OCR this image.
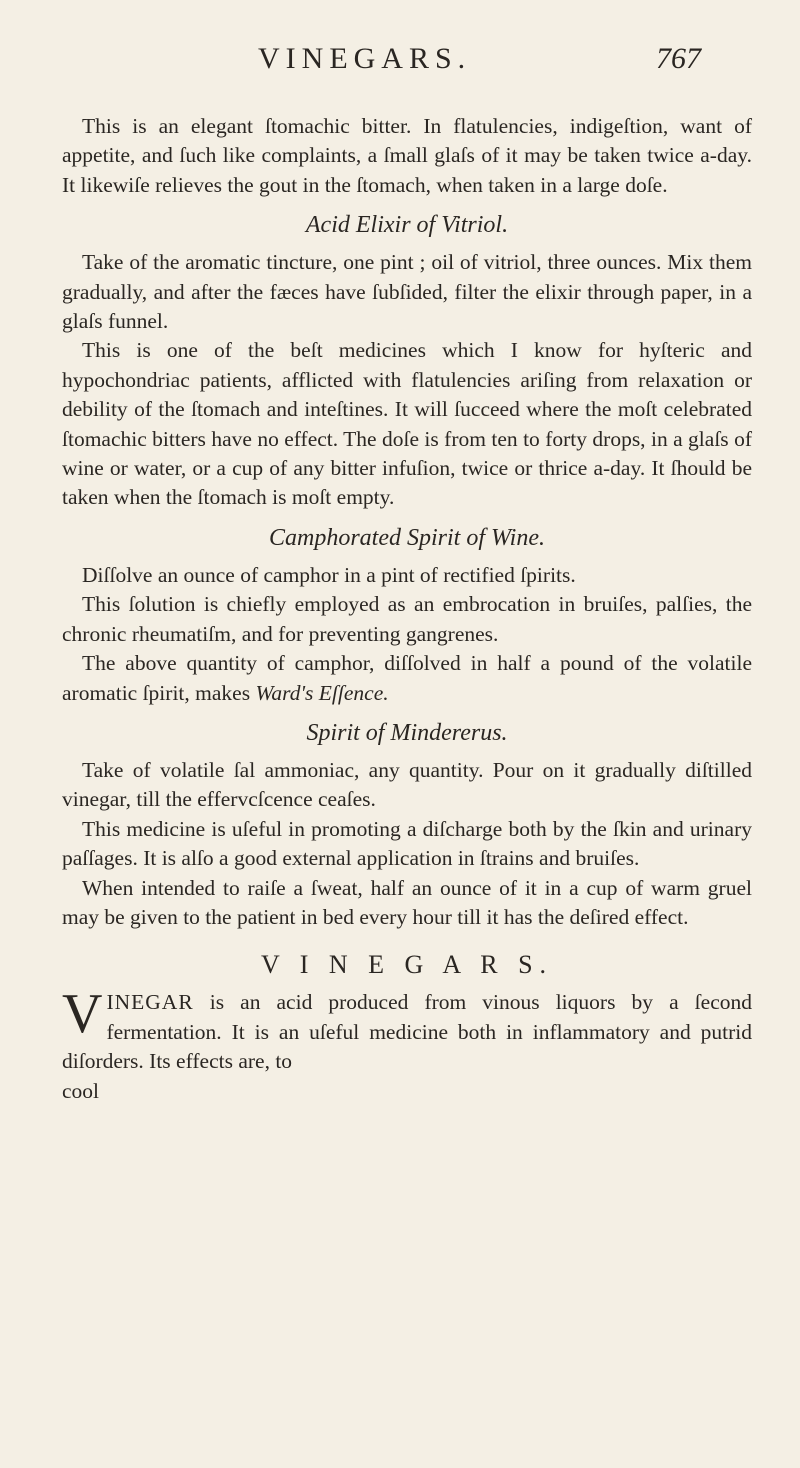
VINEGARS.	767

This is an elegant ſtomachic bitter. In flatulencies, indigeſtion, want of appetite, and ſuch like complaints, a ſmall glaſs of it may be taken twice a-day. It likewiſe relieves the gout in the ſtomach, when taken in a large doſe.

Acid Elixir of Vitriol.

Take of the aromatic tincture, one pint ; oil of vitriol, three ounces. Mix them gradually, and after the fæces have ſubſided, filter the elixir through paper, in a glaſs funnel.

This is one of the beſt medicines which I know for hyſteric and hypochondriac patients, afflicted with flatulencies ariſing from relaxation or debility of the ſtomach and inteſtines. It will ſucceed where the moſt celebrated ſtomachic bitters have no effect. The doſe is from ten to forty drops, in a glaſs of wine or water, or a cup of any bitter infuſion, twice or thrice a-day. It ſhould be taken when the ſtomach is moſt empty.

Camphorated Spirit of Wine.

Diſſolve an ounce of camphor in a pint of rectified ſpirits.

This ſolution is chiefly employed as an embrocation in bruiſes, palſies, the chronic rheumatiſm, and for preventing gangrenes.

The above quantity of camphor, diſſolved in half a pound of the volatile aromatic ſpirit, makes Ward's Eſſence.

Spirit of Mindererus.

Take of volatile ſal ammoniac, any quantity. Pour on it gradually diſtilled vinegar, till the effervcſcence ceaſes.

This medicine is uſeful in promoting a diſcharge both by the ſkin and urinary paſſages. It is alſo a good external application in ſtrains and bruiſes.

When intended to raiſe a ſweat, half an ounce of it in a cup of warm gruel may be given to the patient in bed every hour till it has the deſired effect.

V I N E G A R S.

VINEGAR is an acid produced from vinous liquors by a ſecond fermentation. It is an uſeful medicine both in inflammatory and putrid diſorders. Its effects are, to

cool
